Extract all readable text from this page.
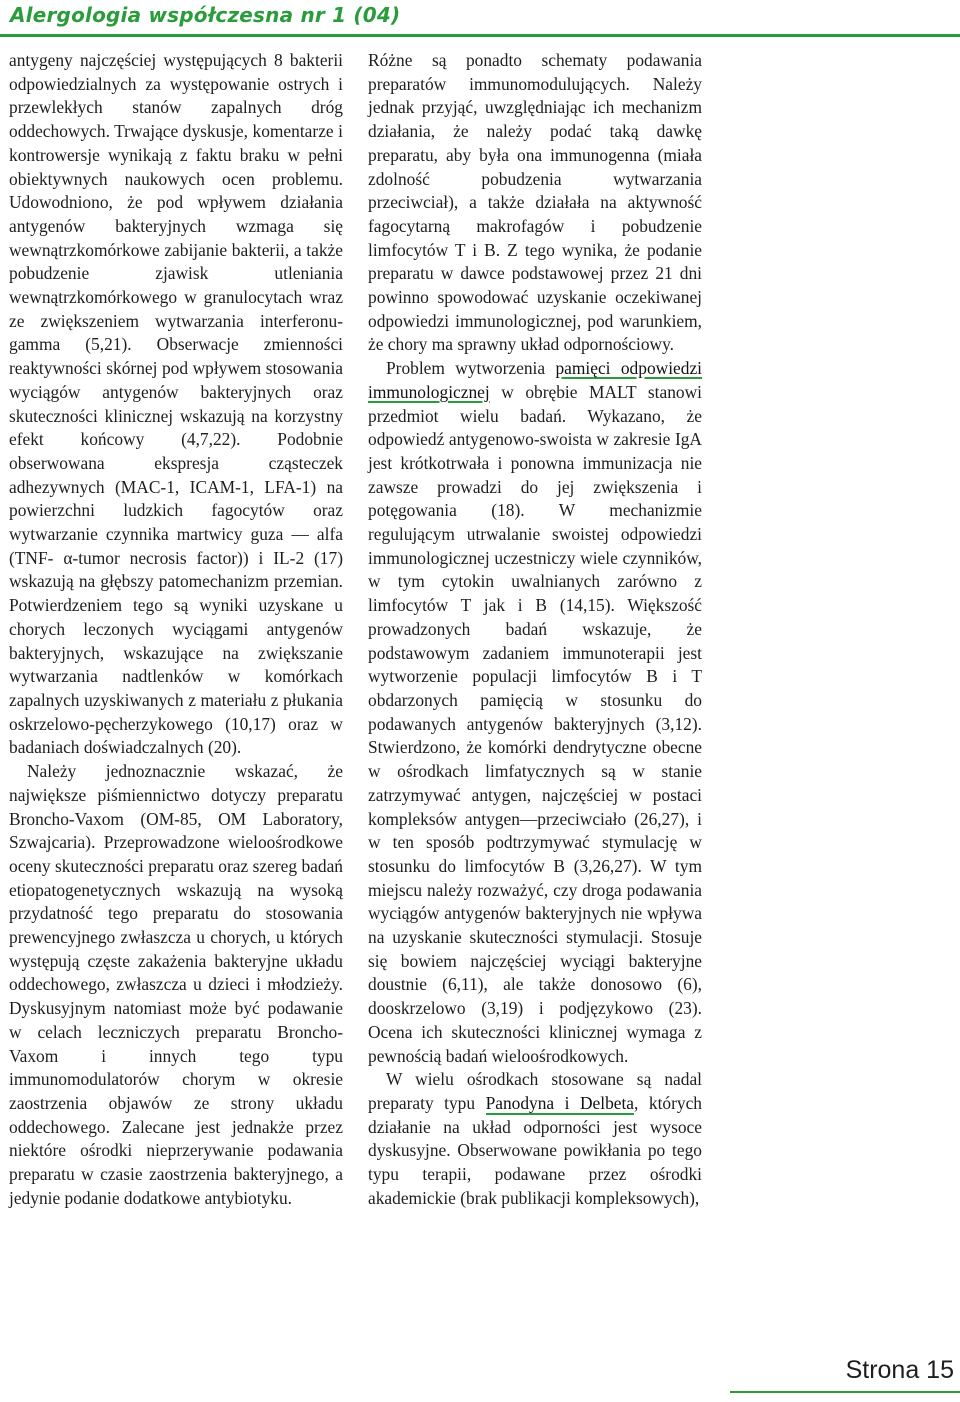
Alergologia współczesna nr 1 (04)

antygeny najczęściej występujących 8 bakterii odpowiedzialnych za występowanie ostrych i przewlekłych stanów zapalnych dróg oddechowych. Trwające dyskusje, komentarze i kontrowersje wynikają z faktu braku w pełni obiektywnych naukowych ocen problemu. Udowodniono, że pod wpływem działania antygenów bakteryjnych wzmaga się wewnątrzkomórkowe zabijanie bakterii, a także pobudzenie zjawisk utleniania wewnątrzkomórkowego w granulocytach wraz ze zwiększeniem wytwarzania interferonu-gamma (5,21). Obserwacje zmienności reaktywności skórnej pod wpływem stosowania wyciągów antygenów bakteryjnych oraz skuteczności klinicznej wskazują na korzystny efekt końcowy (4,7,22). Podobnie obserwowana ekspresja cząsteczek adhezywnych (MAC-1, ICAM-1, LFA-1) na powierzchni ludzkich fagocytów oraz wytwarzanie czynnika martwicy guza — alfa (TNF- α-tumor necrosis factor)) i IL-2 (17) wskazują na głębszy patomechanizm przemian. Potwierdzeniem tego są wyniki uzyskane u chorych leczonych wyciągami antygenów bakteryjnych, wskazujące na zwiększanie wytwarzania nadtlenków w komórkach zapalnych uzyskiwanych z materiału z płukania oskrzelowo-pęcherzykowego (10,17) oraz w badaniach doświadczalnych (20).

Należy jednoznacznie wskazać, że największe piśmiennictwo dotyczy preparatu Broncho-Vaxom (OM-85, OM Laboratory, Szwajcaria). Przeprowadzone wieloośrodkowe oceny skuteczności preparatu oraz szereg badań etiopatogenetycznych wskazują na wysoką przydatność tego preparatu do stosowania prewencyjnego zwłaszcza u chorych, u których występują częste zakażenia bakteryjne układu oddechowego, zwłaszcza u dzieci i młodzieży. Dyskusyjnym natomiast może być podawanie w celach leczniczych preparatu Broncho-Vaxom i innych tego typu immunomodulatorów chorym w okresie zaostrzenia objawów ze strony układu oddechowego. Zalecane jest jednakże przez niektóre ośrodki nieprzerywanie podawania preparatu w czasie zaostrzenia bakteryjnego, a jedynie podanie dodatkowe antybiotyku.

Różne są ponadto schematy podawania preparatów immunomodulujących. Należy jednak przyjąć, uwzględniając ich mechanizm działania, że należy podać taką dawkę preparatu, aby była ona immunogenna (miała zdolność pobudzenia wytwarzania przeciwciał), a także działała na aktywność fagocytarną makrofagów i pobudzenie limfocytów T i B. Z tego wynika, że podanie preparatu w dawce podstawowej przez 21 dni powinno spowodować uzyskanie oczekiwanej odpowiedzi immunologicznej, pod warunkiem, że chory ma sprawny układ odpornościowy.

Problem wytworzenia pamięci odpowiedzi immunologicznej w obrębie MALT stanowi przedmiot wielu badań. Wykazano, że odpowiedź antygenowo-swoista w zakresie IgA jest krótkotrwała i ponowna immunizacja nie zawsze prowadzi do jej zwiększenia i potęgowania (18). W mechanizmie regulującym utrwalanie swoistej odpowiedzi immunologicznej uczestniczy wiele czynników, w tym cytokin uwalnianych zarówno z limfocytów T jak i B (14,15). Większość prowadzonych badań wskazuje, że podstawowym zadaniem immunoterapii jest wytworzenie populacji limfocytów B i T obdarzonych pamięcią w stosunku do podawanych antygenów bakteryjnych (3,12). Stwierdzono, że komórki dendrytyczne obecne w ośrodkach limfatycznych są w stanie zatrzymywać antygen, najczęściej w postaci kompleksów antygen—przeciwciało (26,27), i w ten sposób podtrzymywać stymulację w stosunku do limfocytów B (3,26,27). W tym miejscu należy rozważyć, czy droga podawania wyciągów antygenów bakteryjnych nie wpływa na uzyskanie skuteczności stymulacji. Stosuje się bowiem najczęściej wyciągi bakteryjne doustnie (6,11), ale także donosowo (6), dooskrzelowo (3,19) i podjęzykowo (23). Ocena ich skuteczności klinicznej wymaga z pewnością badań wieloośrodkowych.

W wielu ośrodkach stosowane są nadal preparaty typu Panodyna i Delbeta, których działanie na układ odporności jest wysoce dyskusyjne. Obserwowane powikłania po tego typu terapii, podawane przez ośrodki akademickie (brak publikacji kompleksowych),

Strona 15
